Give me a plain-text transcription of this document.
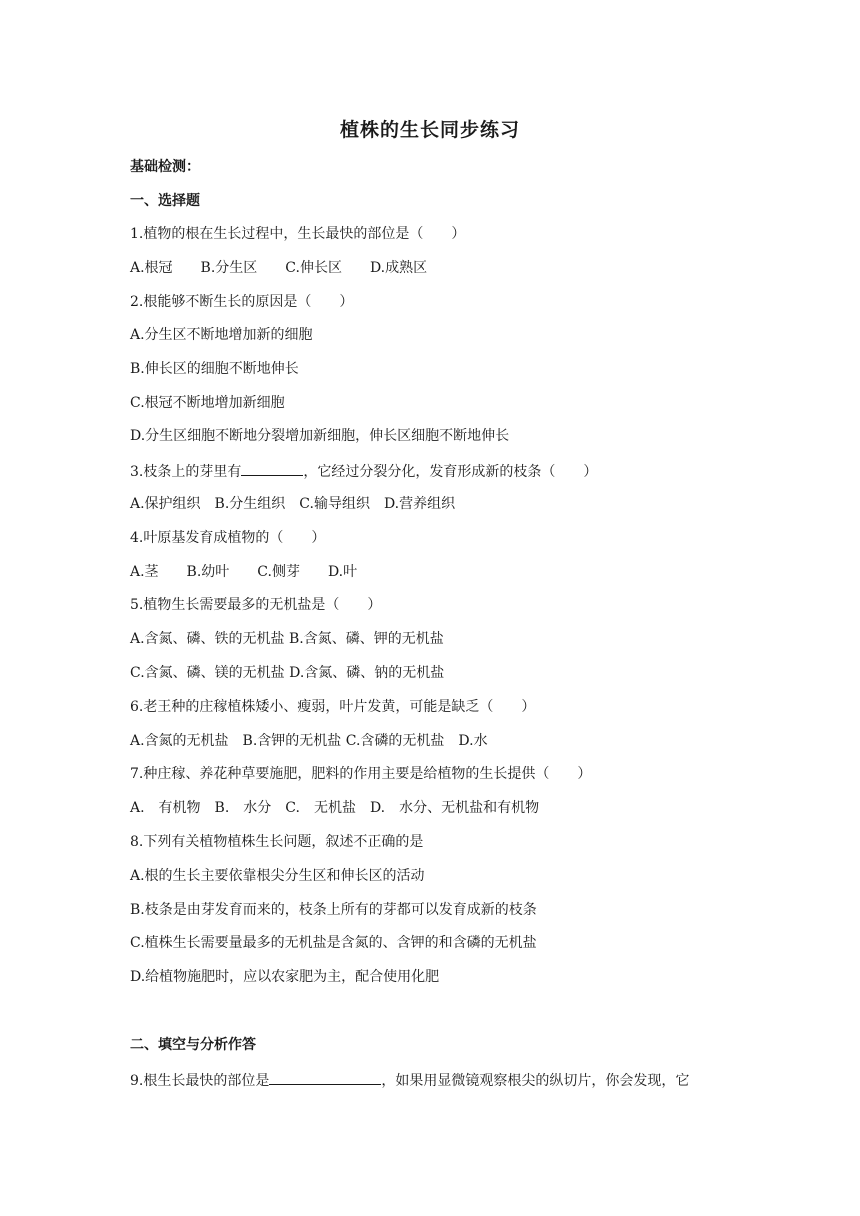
植株的生长同步练习
基础检测：
一、选择题
1.植物的根在生长过程中，生长最快的部位是（　　）
A.根冠　　B.分生区　　C.伸长区　　D.成熟区
2.根能够不断生长的原因是（　　）
A.分生区不断地增加新的细胞
B.伸长区的细胞不断地伸长
C.根冠不断地增加新细胞
D.分生区细胞不断地分裂增加新细胞，伸长区细胞不断地伸长
3.枝条上的芽里有	，它经过分裂分化，发育形成新的枝条（　　）
A.保护组织　B.分生组织　C.输导组织　D.营养组织
4.叶原基发育成植物的（　　）
A.茎　　B.幼叶　　C.侧芽　　D.叶
5.植物生长需要最多的无机盐是（　　）
A.含氮、磷、铁的无机盐 B.含氮、磷、钾的无机盐
C.含氮、磷、镁的无机盐 D.含氮、磷、钠的无机盐
6.老王种的庄稼植株矮小、瘦弱，叶片发黄，可能是缺乏（　　）
A.含氮的无机盐　B.含钾的无机盐 C.含磷的无机盐　D.水
7.种庄稼、养花种草要施肥，肥料的作用主要是给植物的生长提供（　　）
A.　有机物　B.　水分　C.　无机盐　D.　水分、无机盐和有机物
8.下列有关植物植株生长问题，叙述不正确的是
A.根的生长主要依靠根尖分生区和伸长区的活动
B.枝条是由芽发育而来的，枝条上所有的芽都可以发育成新的枝条
C.植株生长需要量最多的无机盐是含氮的、含钾的和含磷的无机盐
D.给植物施肥时，应以农家肥为主，配合使用化肥
二、填空与分析作答
9.根生长最快的部位是	，如果用显微镜观察根尖的纵切片，你会发现，它
